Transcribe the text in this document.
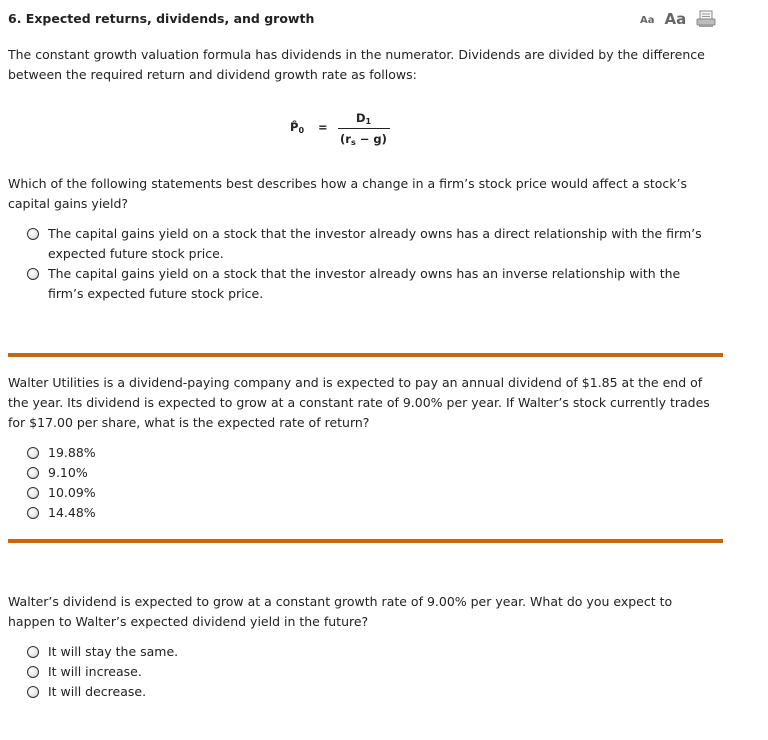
6. Expected returns, dividends, and growth	Aa Aa

The constant growth valuation formula has dividends in the numerator. Dividends are divided by the difference between the required return and dividend growth rate as follows:

$P̂_0$ =
$D_1$
$(r_s - g)$

Which of the following statements best describes how a change in a firm’s stock price would affect a stock’s capital gains yield?

The capital gains yield on a stock that the investor already owns has a direct relationship with the firm’s expected future stock price.
The capital gains yield on a stock that the investor already owns has an inverse relationship with the firm’s expected future stock price.

Walter Utilities is a dividend-paying company and is expected to pay an annual dividend of $1.85 at the end of the year. Its dividend is expected to grow at a constant rate of 9.00% per year. If Walter’s stock currently trades for $17.00 per share, what is the expected rate of return?

19.88%
9.10%
10.09%
14.48%

Walter’s dividend is expected to grow at a constant growth rate of 9.00% per year. What do you expect to happen to Walter’s expected dividend yield in the future?

It will stay the same.
It will increase.
It will decrease.
